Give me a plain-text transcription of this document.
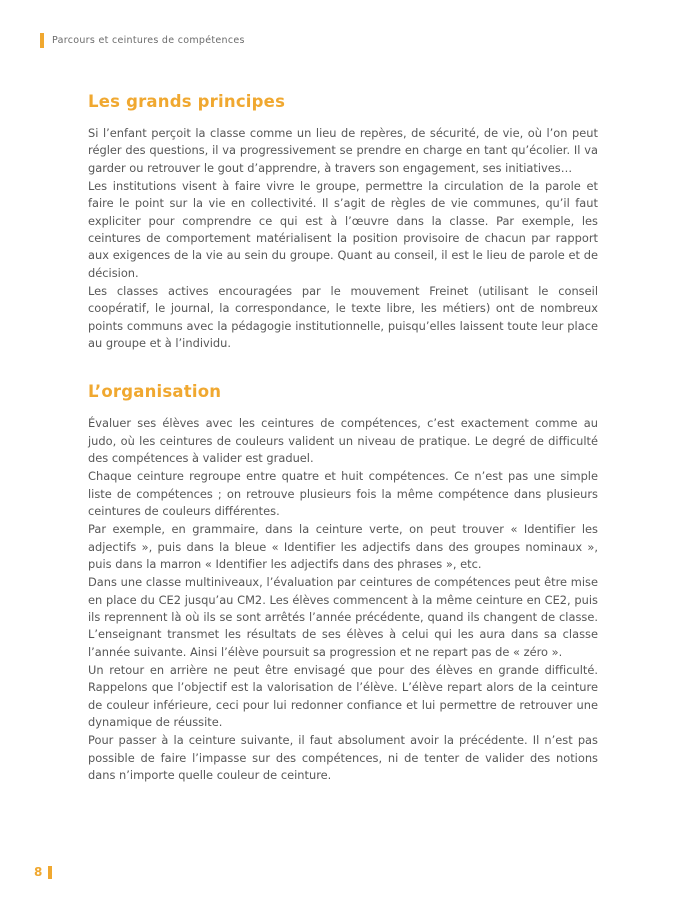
Parcours et ceintures de compétences
Les grands principes

Si l’enfant perçoit la classe comme un lieu de repères, de sécurité, de vie, où l’on peut régler des questions, il va progressivement se prendre en charge en tant qu’écolier. Il va garder ou retrouver le gout d’apprendre, à travers son engagement, ses initiatives…

Les institutions visent à faire vivre le groupe, permettre la circulation de la parole et faire le point sur la vie en collectivité. Il s’agit de règles de vie communes, qu’il faut expliciter pour comprendre ce qui est à l’œuvre dans la classe. Par exemple, les ceintures de comportement matérialisent la position provisoire de chacun par rapport aux exigences de la vie au sein du groupe. Quant au conseil, il est le lieu de parole et de décision.

Les classes actives encouragées par le mouvement Freinet (utilisant le conseil coopératif, le journal, la correspondance, le texte libre, les métiers) ont de nombreux points communs avec la pédagogie institutionnelle, puisqu’elles laissent toute leur place au groupe et à l’individu.

L’organisation

Évaluer ses élèves avec les ceintures de compétences, c’est exactement comme au judo, où les ceintures de couleurs valident un niveau de pratique. Le degré de difficulté des compétences à valider est graduel.

Chaque ceinture regroupe entre quatre et huit compétences. Ce n’est pas une simple liste de compétences ; on retrouve plusieurs fois la même compétence dans plusieurs ceintures de couleurs différentes.

Par exemple, en grammaire, dans la ceinture verte, on peut trouver « Identifier les adjectifs », puis dans la bleue « Identifier les adjectifs dans des groupes nominaux », puis dans la marron « Identifier les adjectifs dans des phrases », etc.

Dans une classe multiniveaux, l’évaluation par ceintures de compétences peut être mise en place du CE2 jusqu’au CM2. Les élèves commencent à la même ceinture en CE2, puis ils reprennent là où ils se sont arrêtés l’année précédente, quand ils changent de classe. L’enseignant transmet les résultats de ses élèves à celui qui les aura dans sa classe l’année suivante. Ainsi l’élève poursuit sa progression et ne repart pas de « zéro ».

Un retour en arrière ne peut être envisagé que pour des élèves en grande difficulté. Rappelons que l’objectif est la valorisation de l’élève. L’élève repart alors de la ceinture de couleur inférieure, ceci pour lui redonner confiance et lui permettre de retrouver une dynamique de réussite.

Pour passer à la ceinture suivante, il faut absolument avoir la précédente. Il n’est pas possible de faire l’impasse sur des compétences, ni de tenter de valider des notions dans n’importe quelle couleur de ceinture.

8
